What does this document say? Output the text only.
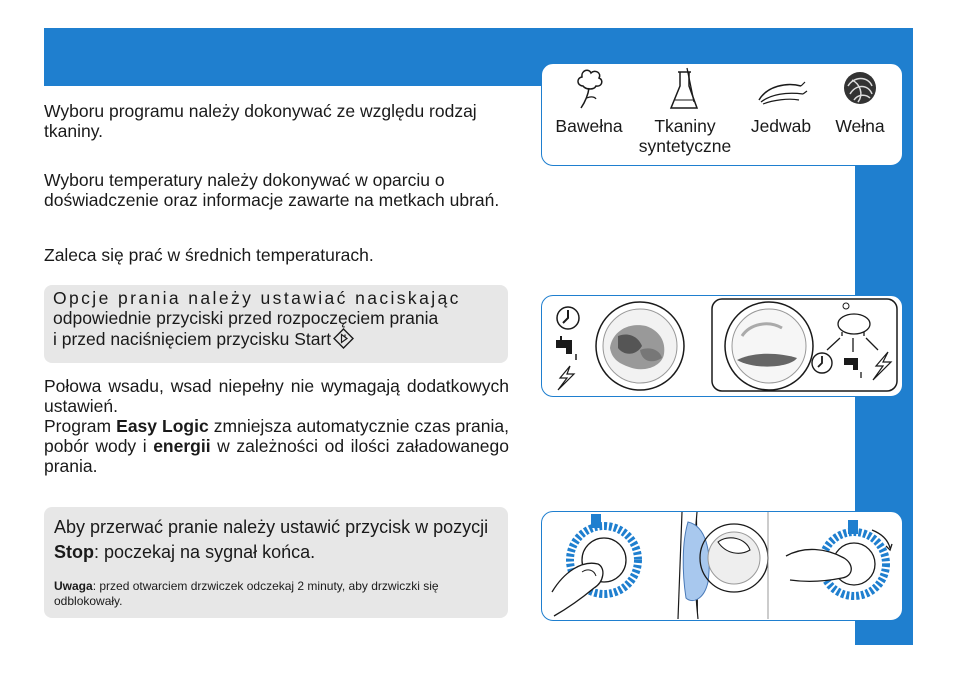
Wyboru programu należy dokonywać ze względu rodzaj tkaniny.
Wyboru temperatury należy dokonywać w oparciu o doświadczenie oraz informacje zawarte na metkach ubrań.
Zaleca się prać w średnich temperaturach.
Opcje prania należy ustawiać naciskając
odpowiednie przyciski przed rozpoczęciem prania
i przed naciśnięciem przycisku Start
Połowa wsadu, wsad niepełny nie wymagają dodatkowych ustawień.
Program Easy Logic zmniejsza automatycznie czas prania, pobór wody i energii w zależności od ilości załadowanego prania.
Aby przerwać pranie należy ustawić przycisk w pozycji Stop: poczekaj na sygnał końca.
Uwaga: przed otwarciem drzwiczek odczekaj 2 minuty, aby drzwiczki się odblokowały.
Bawełna	Tkaniny
syntetyczne
Jedwab	Wełna
